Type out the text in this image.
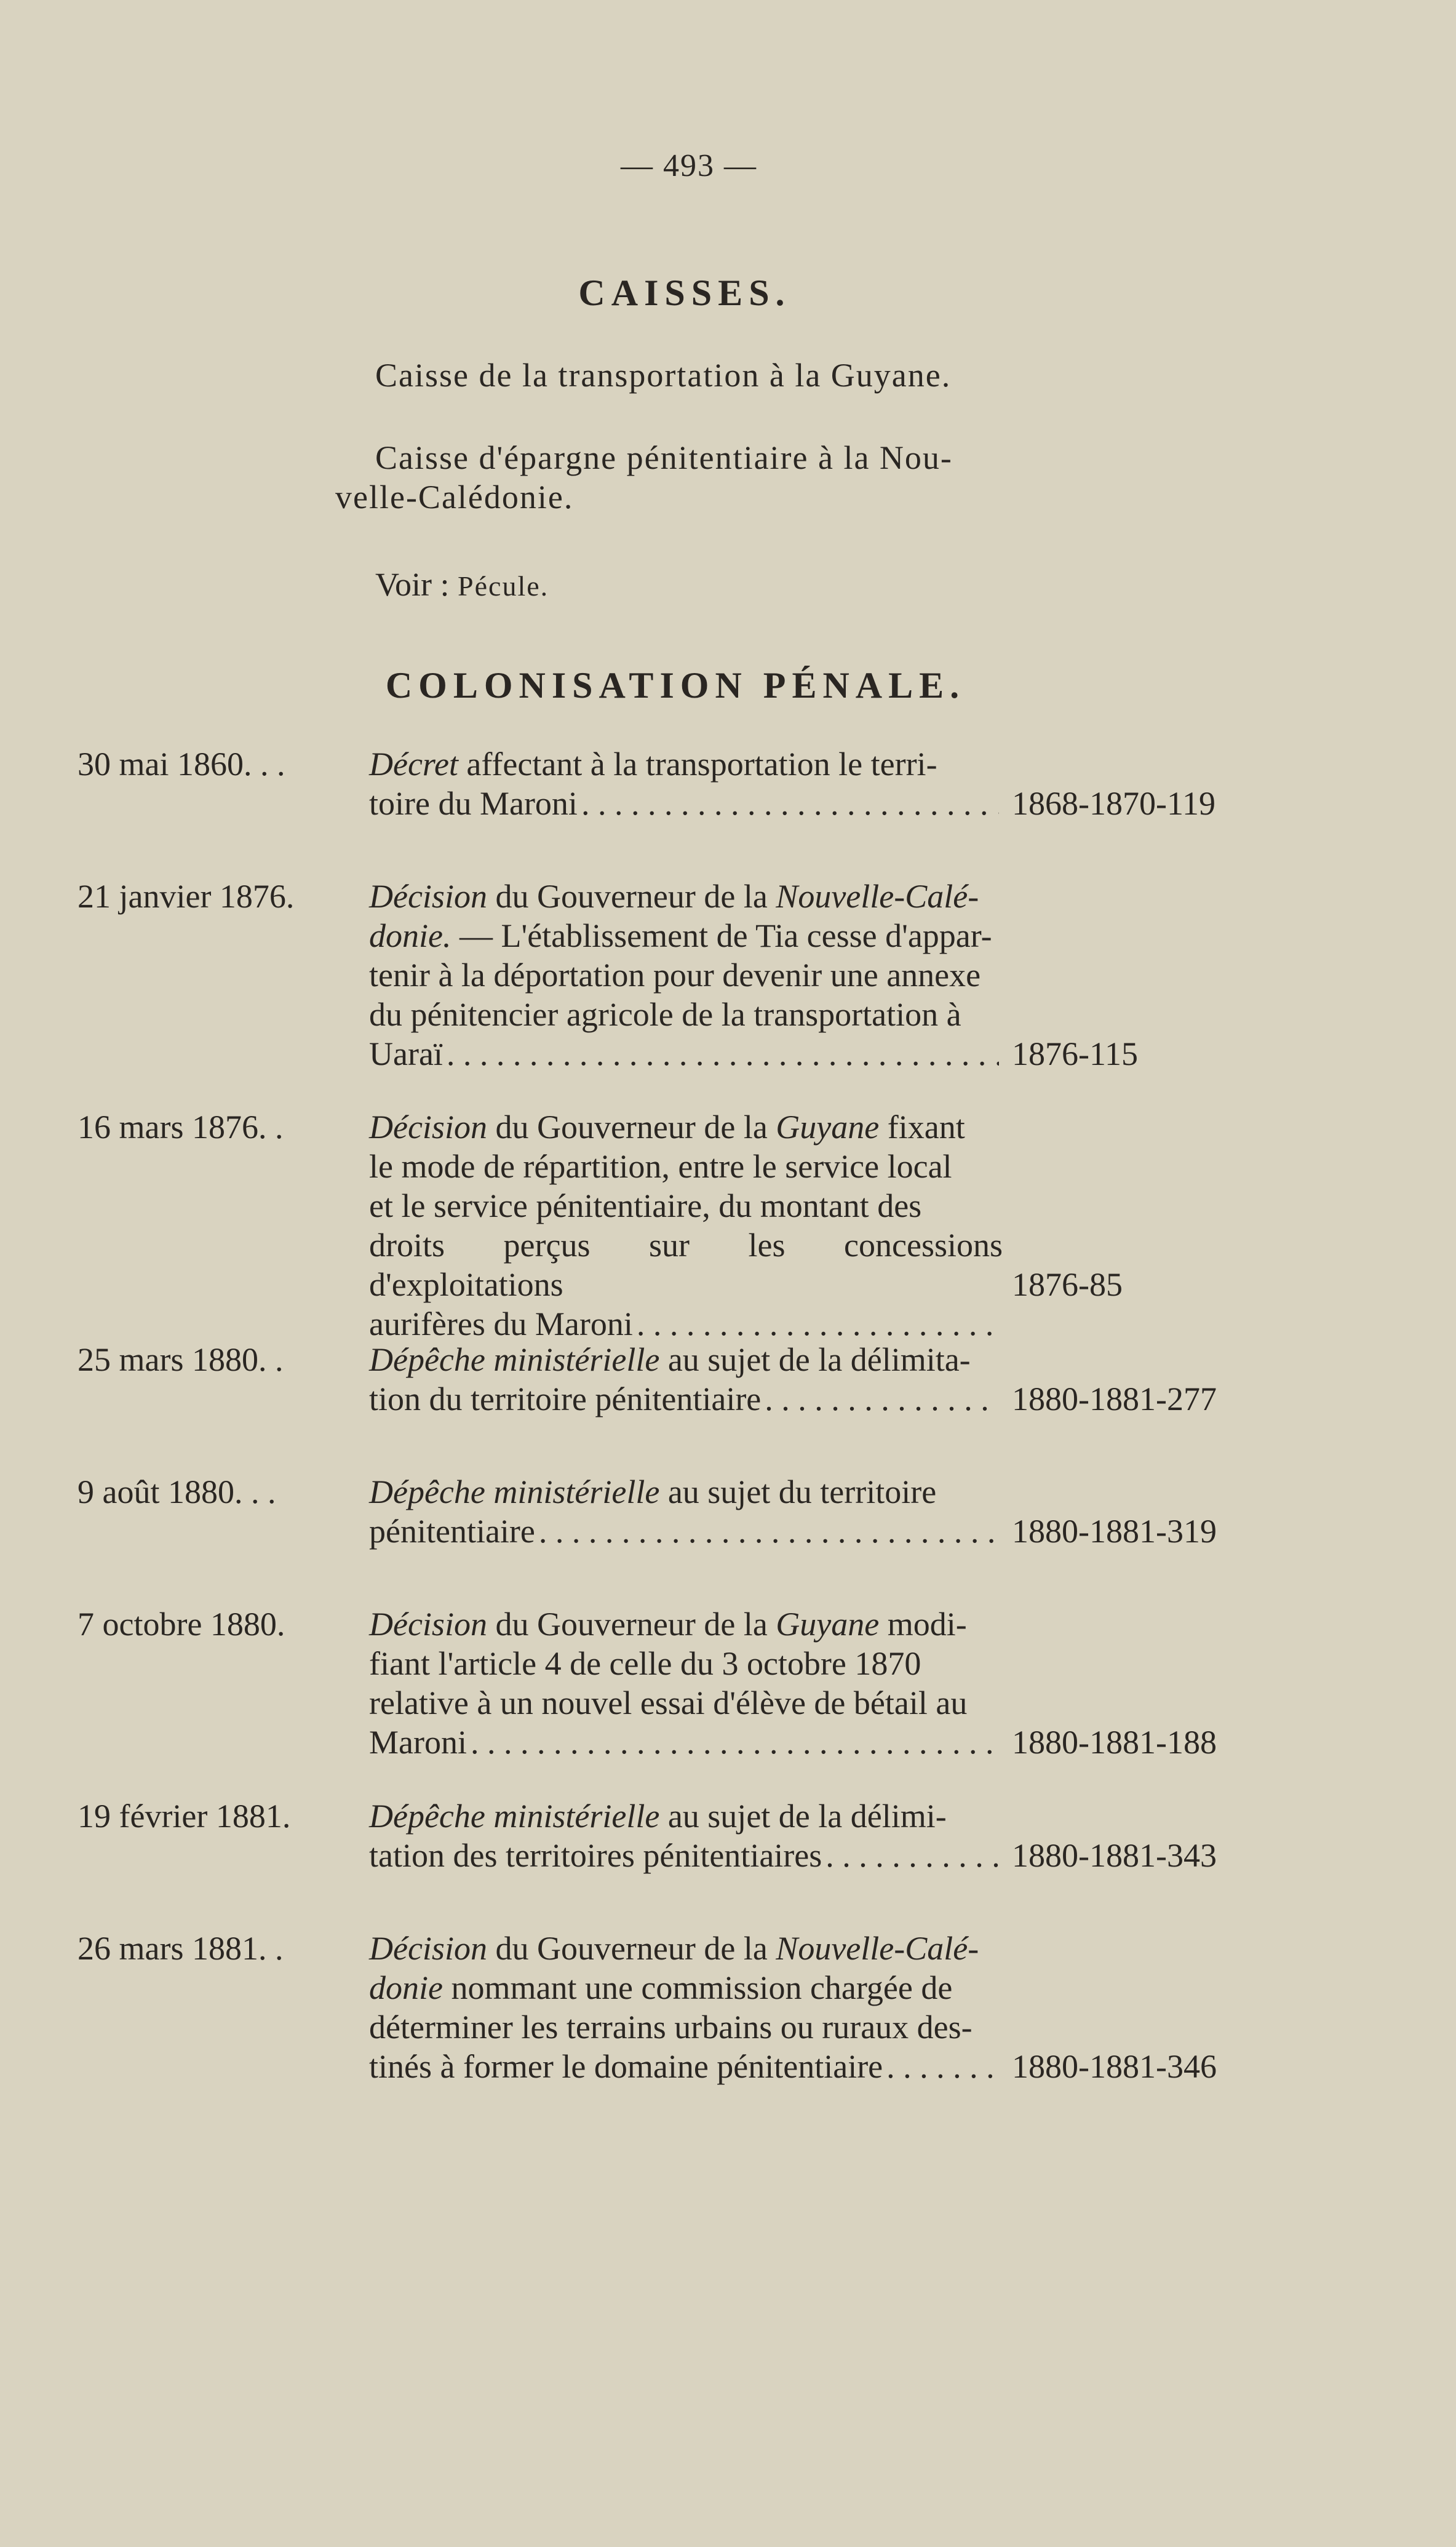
— 493 —
CAISSES.
Caisse de la transportation à la Guyane.
Caisse d'épargne pénitentiaire à la Nou-
velle-Calédonie.
Voir : Pécule.
COLONISATION PÉNALE.
30 mai 1860. . .	Décret affectant à la transportation le terri-
toire du Maroni . . .	1868-1870-119
21 janvier 1876. Décision du Gouverneur de la Nouvelle-Calé-
donie. — L'établissement de Tia cesse d'appar-
tenir à la déportation pour devenir une annexe
du pénitencier agricole de la transportation à
Uaraï
. . .	1876-115
16 mars 1876. .	Décision du Gouverneur de la Guyane fixant
le mode de répartition, entre le service local
et le service pénitentiaire, du montant des
droits perçus sur les concessions d'exploitations
aurifères du Maroni
. . .
1876-85
25 mars 1880. .	Dépêche ministérielle au sujet de la délimita-
tion du territoire pénitentiaire
. . .	1880-1881-277
9 août 1880. . .	Dépêche ministérielle au sujet du territoire
pénitentiaire . . .	1880-1881-319
7 octobre 1880.	Décision du Gouverneur de la Guyane modi-
fiant l'article 4 de celle du 3 octobre 1870
relative à un nouvel essai d'élève de bétail au
Maroni
. . .	1880-1881-188
19 février 1881. Dépêche ministérielle au sujet de la délimi-
tation des territoires pénitentiaires . . .	1880-1881-343
26 mars 1881. .	Décision du Gouverneur de la Nouvelle-Calé-
donie nommant une commission chargée de
déterminer les terrains urbains ou ruraux des-
tinés à former le domaine pénitentiaire
. . .	1880-1881-346
